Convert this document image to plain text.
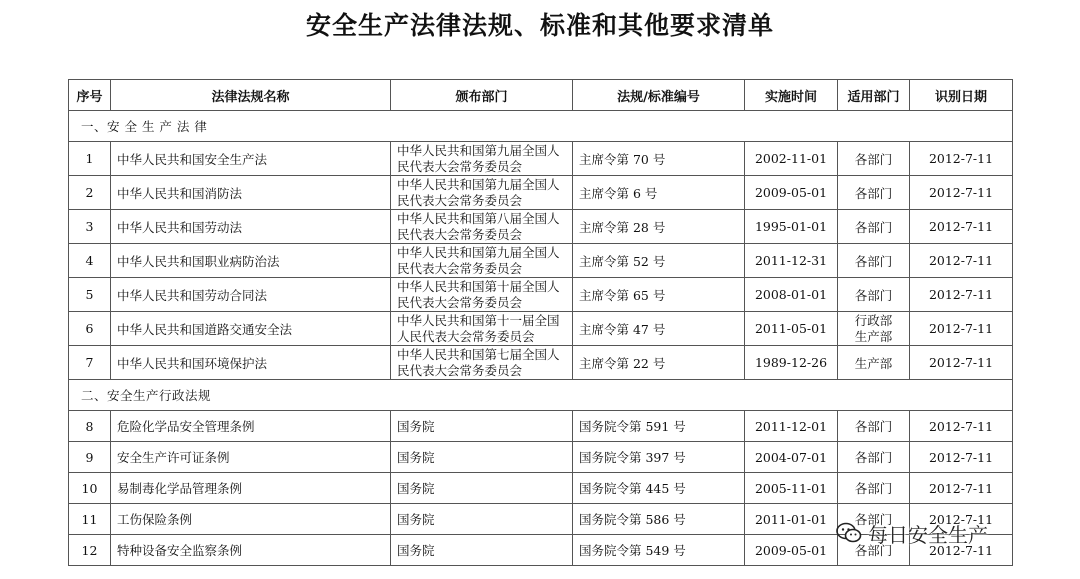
安全生产法律法规、标准和其他要求清单
序号	法律法规名称	颁布部门	法规/标准编号	实施时间	适用部门	识别日期
一、安 全 生 产 法 律						
1	中华人民共和国安全生产法	中华人民共和国第九届全国人民代表大会常务委员会	主席令第 70 号	2002-11-01	各部门	2012-7-11
2	中华人民共和国消防法	中华人民共和国第九届全国人民代表大会常务委员会	主席令第 6 号	2009-05-01	各部门	2012-7-11
3	中华人民共和国劳动法	中华人民共和国第八届全国人民代表大会常务委员会	主席令第 28 号	1995-01-01	各部门	2012-7-11
4	中华人民共和国职业病防治法	中华人民共和国第九届全国人民代表大会常务委员会	主席令第 52 号	2011-12-31	各部门	2012-7-11
5	中华人民共和国劳动合同法	中华人民共和国第十届全国人民代表大会常务委员会	主席令第 65 号	2008-01-01	各部门	2012-7-11
6	中华人民共和国道路交通安全法	中华人民共和国第十一届全国人民代表大会常务委员会	主席令第 47 号	2011-05-01	行政部生产部	2012-7-11
7	中华人民共和国环境保护法	中华人民共和国第七届全国人民代表大会常务委员会	主席令第 22 号	1989-12-26	生产部	2012-7-11
二、安全生产行政法规						
8	危险化学品安全管理条例	国务院	国务院令第 591 号	2011-12-01	各部门	2012-7-11
9	安全生产许可证条例	国务院	国务院令第 397 号	2004-07-01	各部门	2012-7-11
10	易制毒化学品管理条例	国务院	国务院令第 445 号	2005-11-01	各部门	2012-7-11
11	工伤保险条例	国务院	国务院令第 586 号	2011-01-01	各部门	2012-7-11
12	特种设备安全监察条例	国务院	国务院令第 549 号	2009-05-01	各部门	2012-7-11
每日安全生产
